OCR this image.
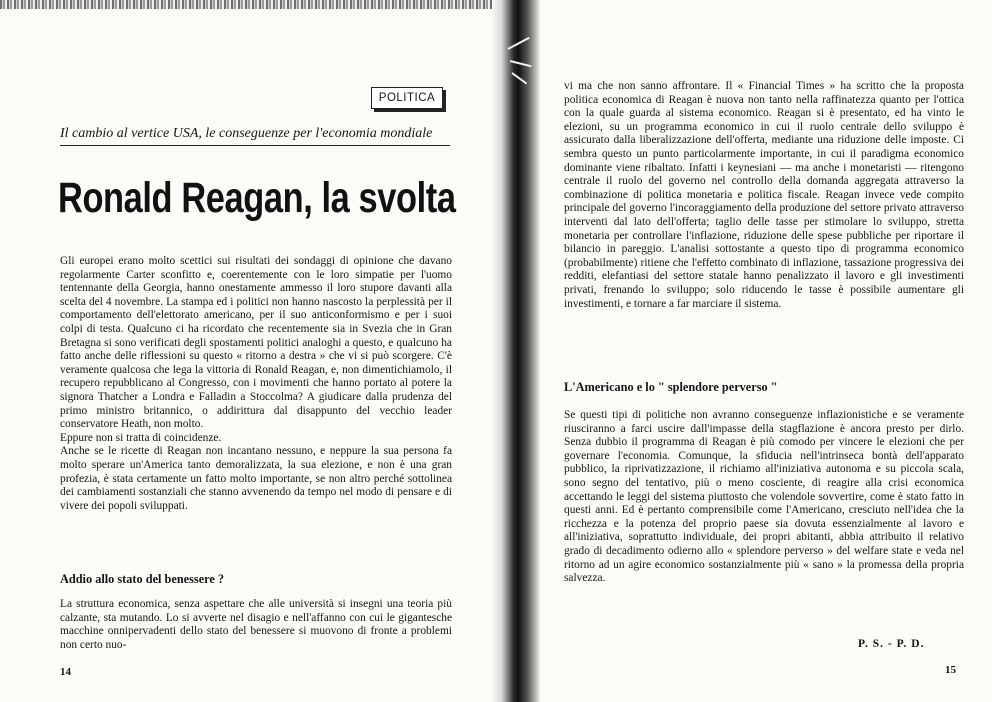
POLITICA
Il cambio al vertice USA, le conseguenze per l'economia mondiale
Ronald Reagan, la svolta

Gli europei erano molto scettici sui risultati dei sondaggi di opinione che davano regolarmente Carter sconfitto e, coerentemente con le loro simpatie per l'uomo tentennante della Georgia, hanno onestamente ammesso il loro stupore davanti alla scelta del 4 novembre. La stampa ed i politici non hanno nascosto la perplessità per il comportamento dell'elettorato americano, per il suo anticonformismo e per i suoi colpi di testa. Qualcuno ci ha ricordato che recentemente sia in Svezia che in Gran Bretagna si sono verificati degli spostamenti politici analoghi a questo, e qualcuno ha fatto anche delle riflessioni su questo « ritorno a destra » che vi si può scorgere. C'è veramente qualcosa che lega la vittoria di Ronald Reagan, e, non dimentichiamolo, il recupero repubblicano al Congresso, con i movimenti che hanno portato al potere la signora Thatcher a Londra e Falladin a Stoccolma? A giudicare dalla prudenza del primo ministro britannico, o addirittura dal disappunto del vecchio leader conservatore Heath, non molto.

Eppure non si tratta di coincidenze.

Anche se le ricette di Reagan non incantano nessuno, e neppure la sua persona fa molto sperare un'America tanto demoralizzata, la sua elezione, e non è una gran profezia, è stata certamente un fatto molto importante, se non altro perché sottolinea dei cambiamenti sostanziali che stanno avvenendo da tempo nel modo di pensare e di vivere dei popoli sviluppati.

Addio allo stato del benessere ?

La struttura economica, senza aspettare che alle università si insegni una teoria più calzante, sta mutando. Lo si avverte nel disagio e nell'affanno con cui le gigantesche macchine onnipervadenti dello stato del benessere si muovono di fronte a problemi non certo nuo-

14

vi ma che non sanno affrontare. Il « Financial Times » ha scritto che la proposta politica economica di Reagan è nuova non tanto nella raffinatezza quanto per l'ottica con la quale guarda al sistema economico. Reagan si è presentato, ed ha vinto le elezioni, su un programma economico in cui il ruolo centrale dello sviluppo è assicurato dalla liberalizzazione dell'offerta, mediante una riduzione delle imposte. Ci sembra questo un punto particolarmente importante, in cui il paradigma economico dominante viene ribaltato. Infatti i keynesiani — ma anche i monetaristi — ritengono centrale il ruolo del governo nel controllo della domanda aggregata attraverso la combinazione di politica monetaria e politica fiscale. Reagan invece vede compito principale del governo l'incoraggiamento della produzione del settore privato attraverso interventi dal lato dell'offerta; taglio delle tasse per stimolare lo sviluppo, stretta monetaria per controllare l'inflazione, riduzione delle spese pubbliche per riportare il bilancio in pareggio. L'analisi sottostante a questo tipo di programma economico (probabilmente) ritiene che l'effetto combinato di inflazione, tassazione progressiva dei redditi, elefantiasi del settore statale hanno penalizzato il lavoro e gli investimenti privati, frenando lo sviluppo; solo riducendo le tasse è possibile aumentare gli investimenti, e tornare a far marciare il sistema.

L'Americano e lo " splendore perverso "

Se questi tipi di politiche non avranno conseguenze inflazionistiche e se veramente riusciranno a farci uscire dall'impasse della stagflazione è ancora presto per dirlo. Senza dubbio il programma di Reagan è più comodo per vincere le elezioni che per governare l'economia. Comunque, la sfiducia nell'intrinseca bontà dell'apparato pubblico, la riprivatizzazione, il richiamo all'iniziativa autonoma e su piccola scala, sono segno del tentativo, più o meno cosciente, di reagire alla crisi economica accettando le leggi del sistema piuttosto che volendole sovvertire, come è stato fatto in questi anni. Ed è pertanto comprensibile come l'Americano, cresciuto nell'idea che la ricchezza e la potenza del proprio paese sia dovuta essenzialmente al lavoro e all'iniziativa, soprattutto individuale, dei propri abitanti, abbia attribuito il relativo grado di decadimento odierno allo « splendore perverso » del welfare state e veda nel ritorno ad un agire economico sostanzialmente più « sano » la promessa della propria salvezza.

P. S. - P. D.
15
